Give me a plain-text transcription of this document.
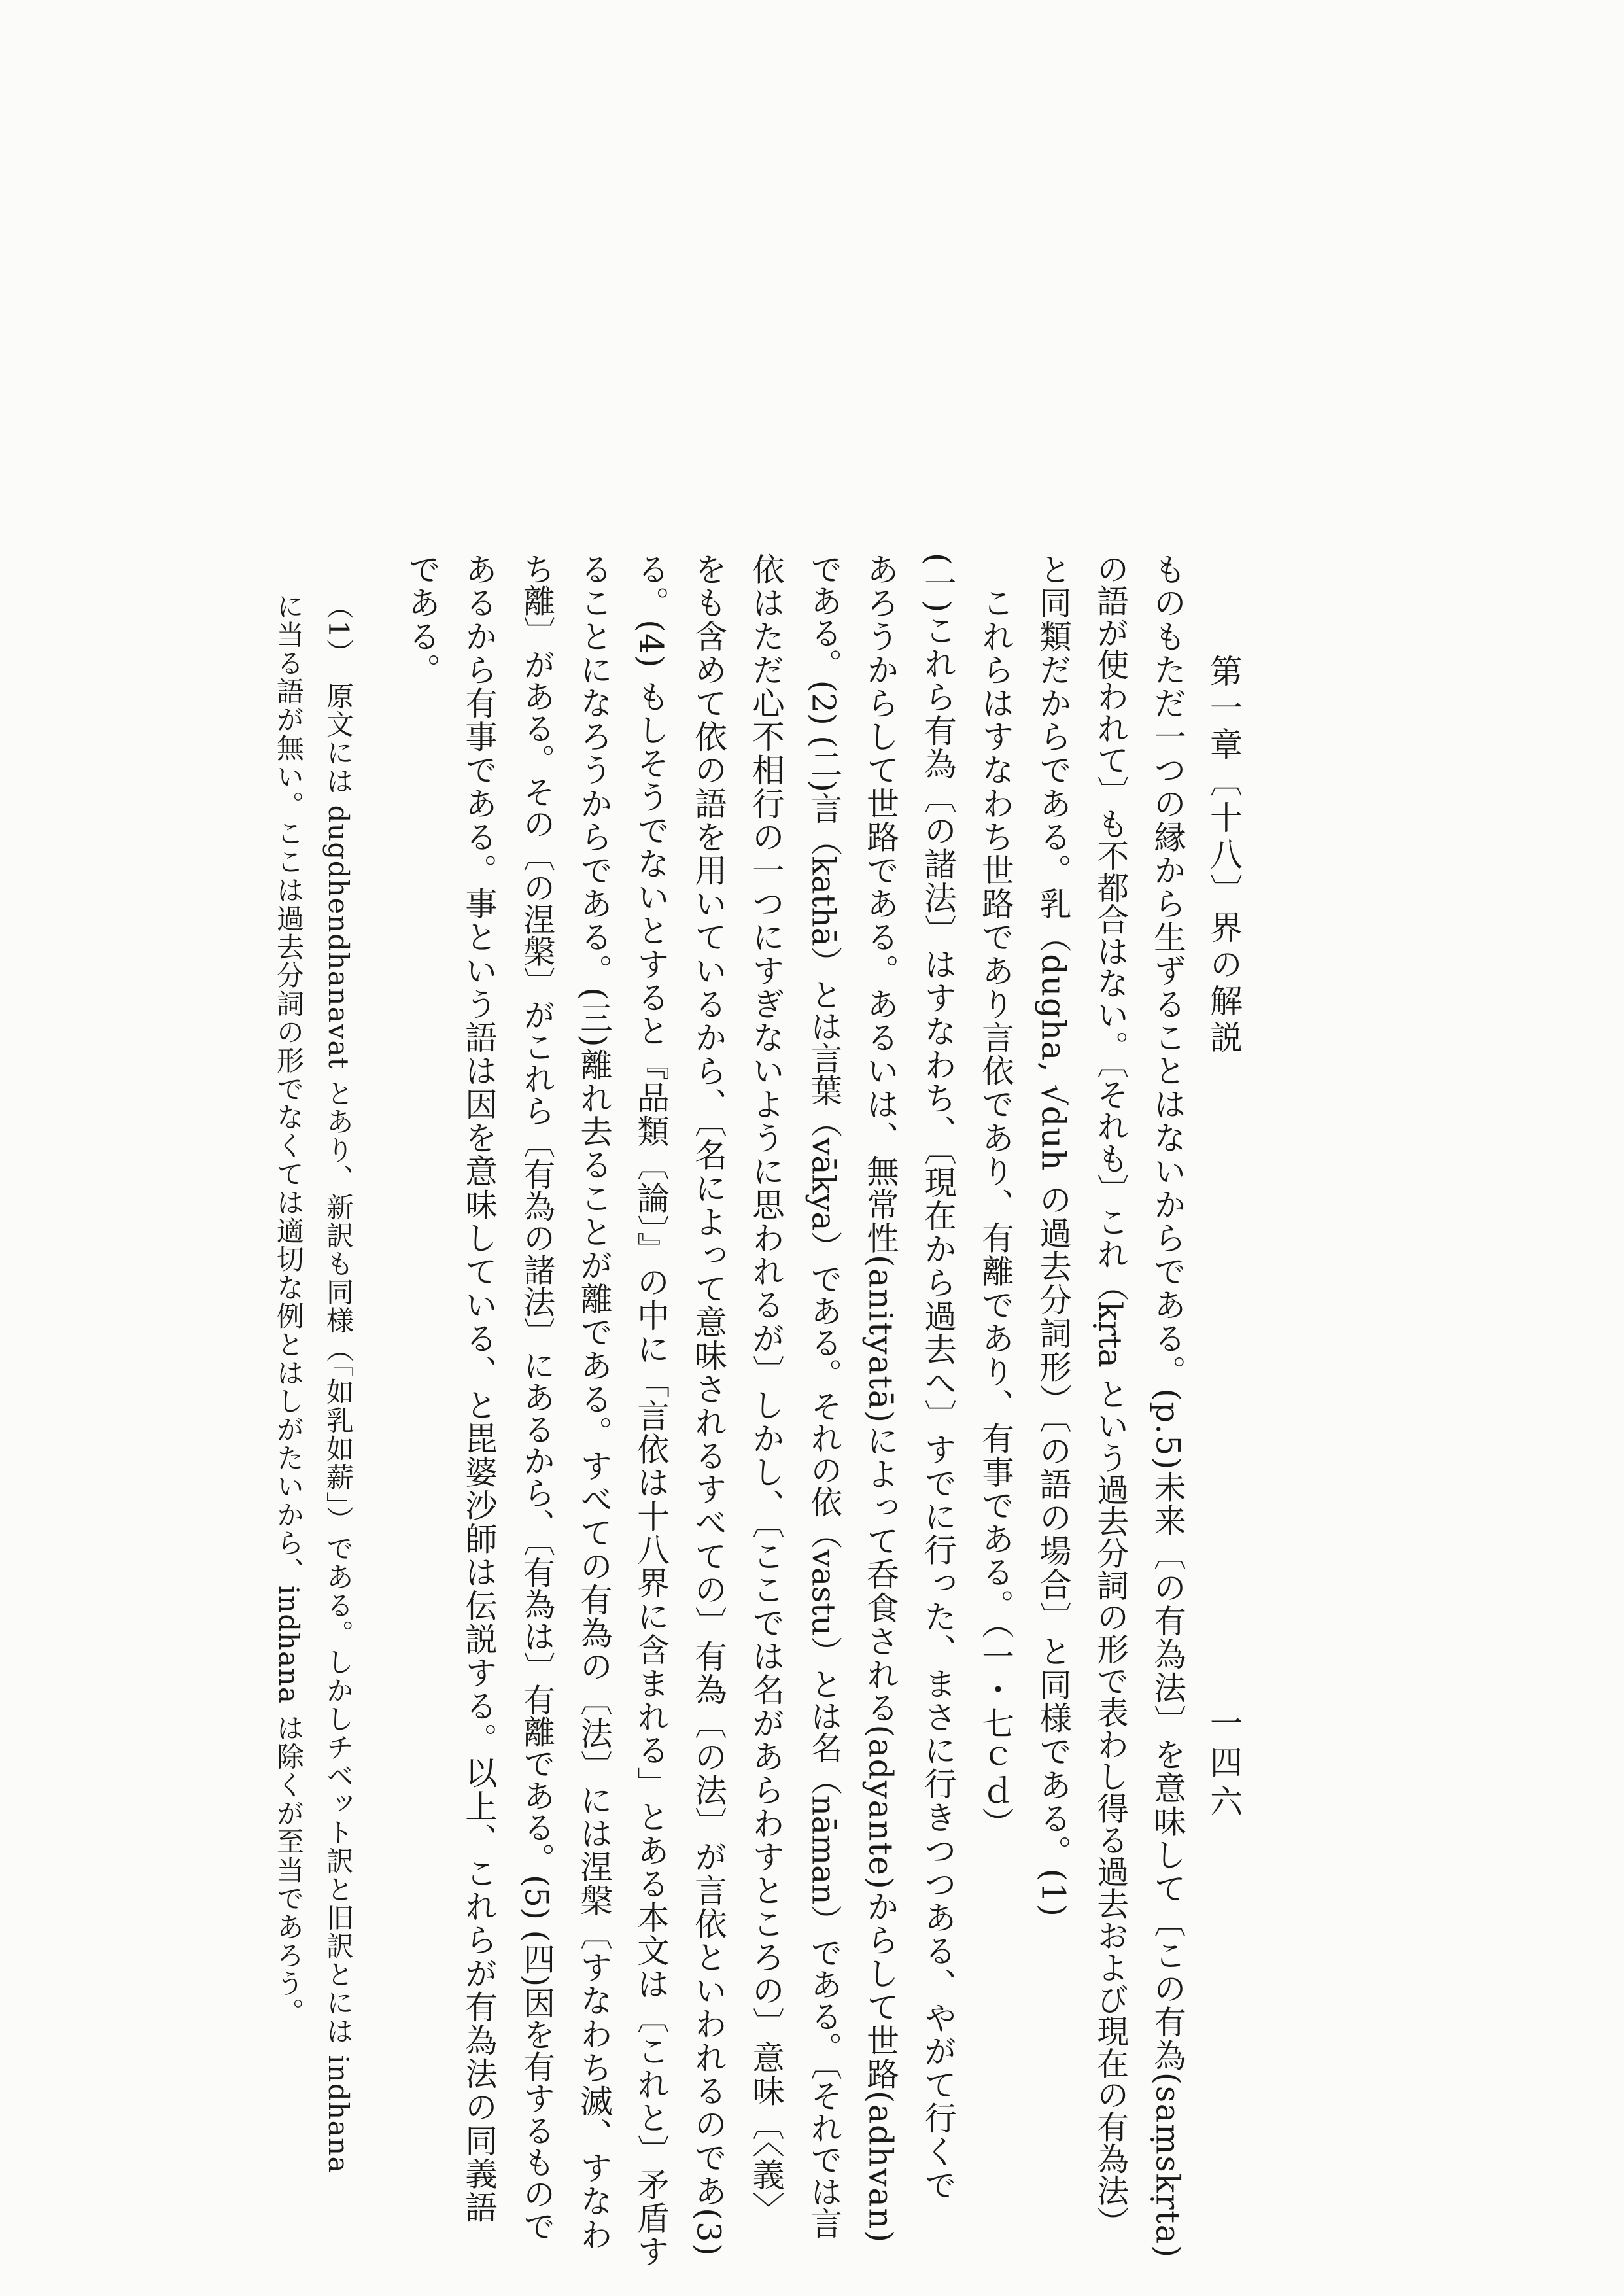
第一章〔十八〕界の解説
一四六
ものもただ一つの縁から生ずることはないからである。(p.5)未来〔の有為法〕を意味して〔この有為(saṃskṛta)
の語が使われて〕も不都合はない。〔それも〕これ（kṛta という過去分詞の形で表わし得る過去および現在の有為法）
と同類だからである。乳（dugha, √duh の過去分詞形）〔の語の場合〕と同様である。(1)
　これらはすなわち世路であり言依であり、有離であり、有事である。（一・七ｃｄ）
(一)これら有為〔の諸法〕はすなわち、〔現在から過去へ〕すでに行った、まさに行きつつある、やがて行くで
あろうからして世路である。あるいは、無常性(anityatā)によって呑食される(adyante)からして世路(adhvan)
である。(2) (二)言（kathā）とは言葉（vākya）である。それの依（vastu）とは名（nāman）である。〔それでは言
依はただ心不相行の一つにすぎないように思われるが〕しかし、〔ここでは名があらわすところの〕意味〔〈義〉
をも含めて依の語を用いているから、〔名によって意味されるすべての〕有為〔の法〕が言依といわれるのであ(3)
る。(4) もしそうでないとすると『品類〔論〕』の中に「言依は十八界に含まれる」とある本文は〔これと〕矛盾す
ることになろうからである。(三)離れ去ることが離である。すべての有為の〔法〕には涅槃〔すなわち滅、すなわ
ち離〕がある。その〔の涅槃〕がこれら〔有為の諸法〕にあるから、〔有為は〕有離である。(5) (四)因を有するもので
あるから有事である。事という語は因を意味している、と毘婆沙師は伝説する。以上、これらが有為法の同義語
である。
（1）　原文には dugdhendhanavat とあり、新訳も同様（「如乳如薪」）である。しかしチベット訳と旧訳とには indhana
に当る語が無い。ここは過去分詞の形でなくては適切な例とはしがたいから、indhana は除くが至当であろう。
